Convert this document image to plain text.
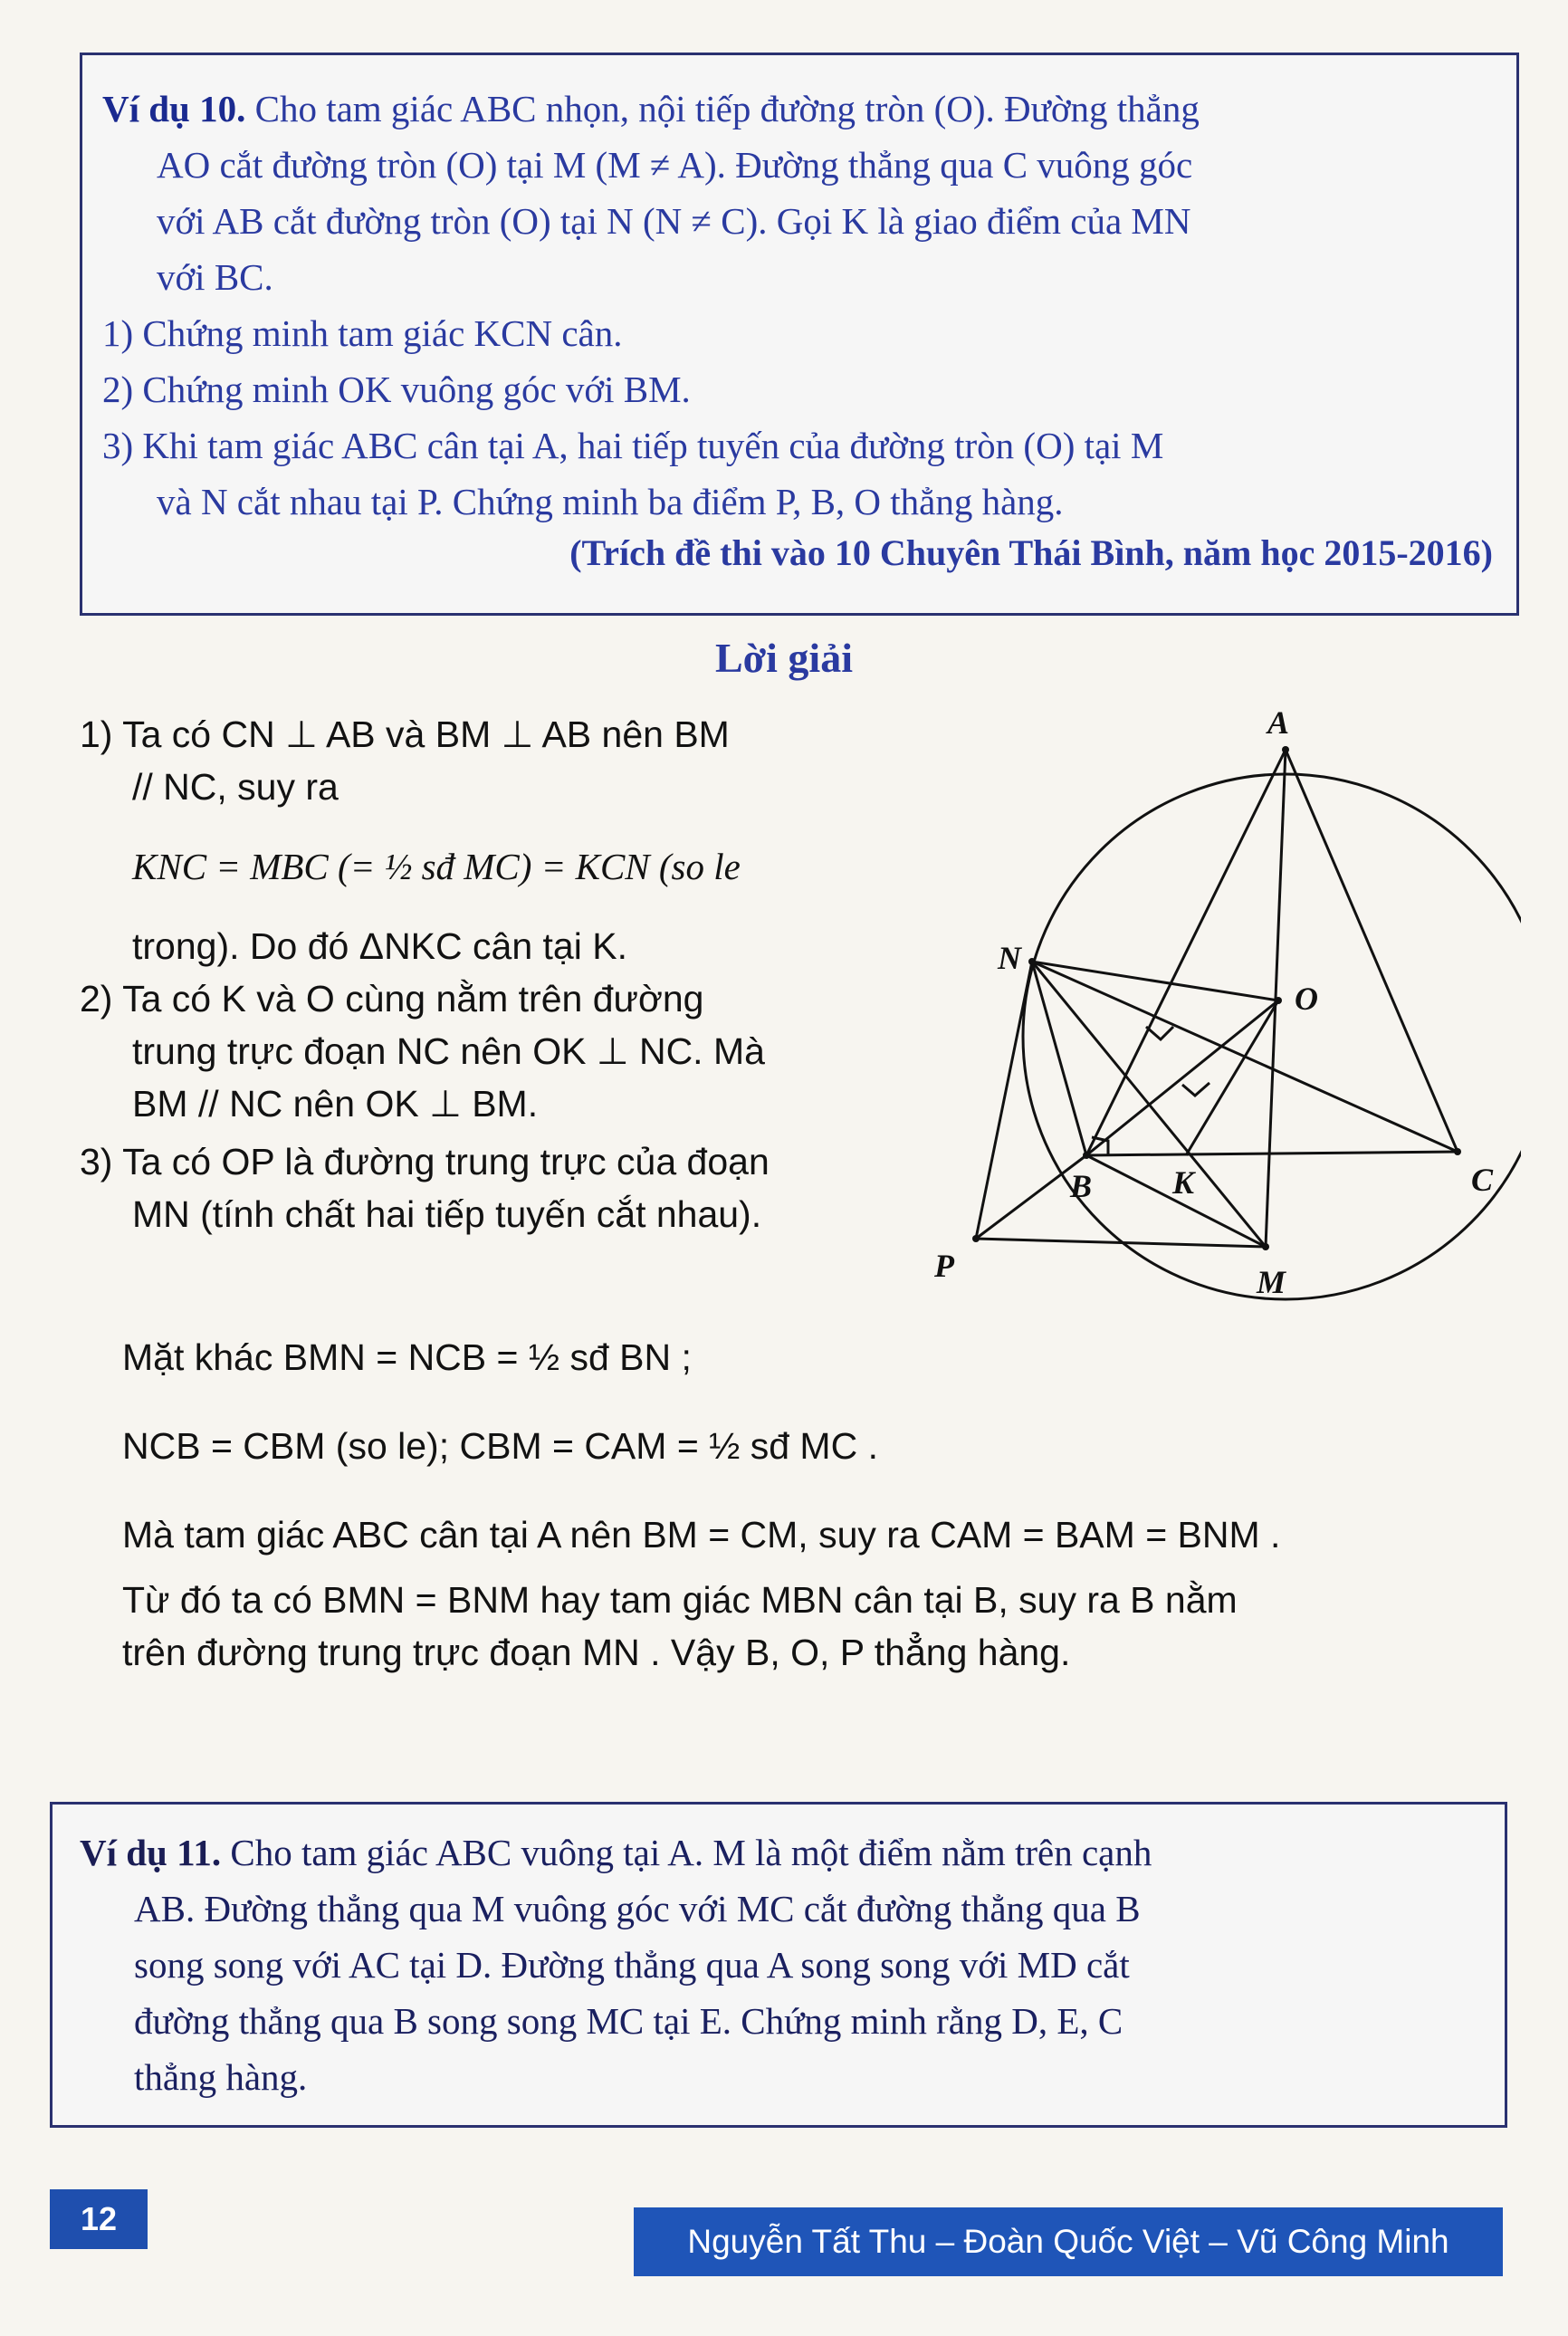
Ví dụ 10. Cho tam giác ABC nhọn, nội tiếp đường tròn (O). Đường thẳng
AO cắt đường tròn (O) tại M (M ≠ A). Đường thẳng qua C vuông góc
với AB cắt đường tròn (O) tại N (N ≠ C). Gọi K là giao điểm của MN
với BC.

1) Chứng minh tam giác KCN cân.

2) Chứng minh OK vuông góc với BM.

3) Khi tam giác ABC cân tại A, hai tiếp tuyến của đường tròn (O) tại M
và N cắt nhau tại P. Chứng minh ba điểm P, B, O thẳng hàng.

(Trích đề thi vào 10 Chuyên Thái Bình, năm học 2015-2016)

Lời giải

1) Ta có CN ⊥ AB và BM ⊥ AB nên BM

// NC, suy ra

KNC = MBC (= ½ sđ MC) = KCN (so le

trong). Do đó ΔNKC cân tại K.

2) Ta có K và O cùng nằm trên đường

trung trực đoạn NC nên OK ⊥ NC. Mà

BM // NC nên OK ⊥ BM.

3) Ta có OP là đường trung trực của đoạn

MN (tính chất hai tiếp tuyến cắt nhau).

Mặt khác BMN = NCB = ½ sđ BN ;

NCB = CBM (so le); CBM = CAM = ½ sđ MC .

Mà tam giác ABC cân tại A nên BM = CM, suy ra CAM = BAM = BNM .

Từ đó ta có BMN = BNM hay tam giác MBN cân tại B, suy ra B nằm

trên đường trung trực đoạn MN . Vậy B, O, P thẳng hàng.

A
N
O
B K	C
P	M

Ví dụ 11. Cho tam giác ABC vuông tại A. M là một điểm nằm trên cạnh
AB. Đường thẳng qua M vuông góc với MC cắt đường thẳng qua B
song song với AC tại D. Đường thẳng qua A song song với MD cắt
đường thẳng qua B song song MC tại E. Chứng minh rằng D, E, C
thẳng hàng.

12
Nguyễn Tất Thu – Đoàn Quốc Việt – Vũ Công Minh
